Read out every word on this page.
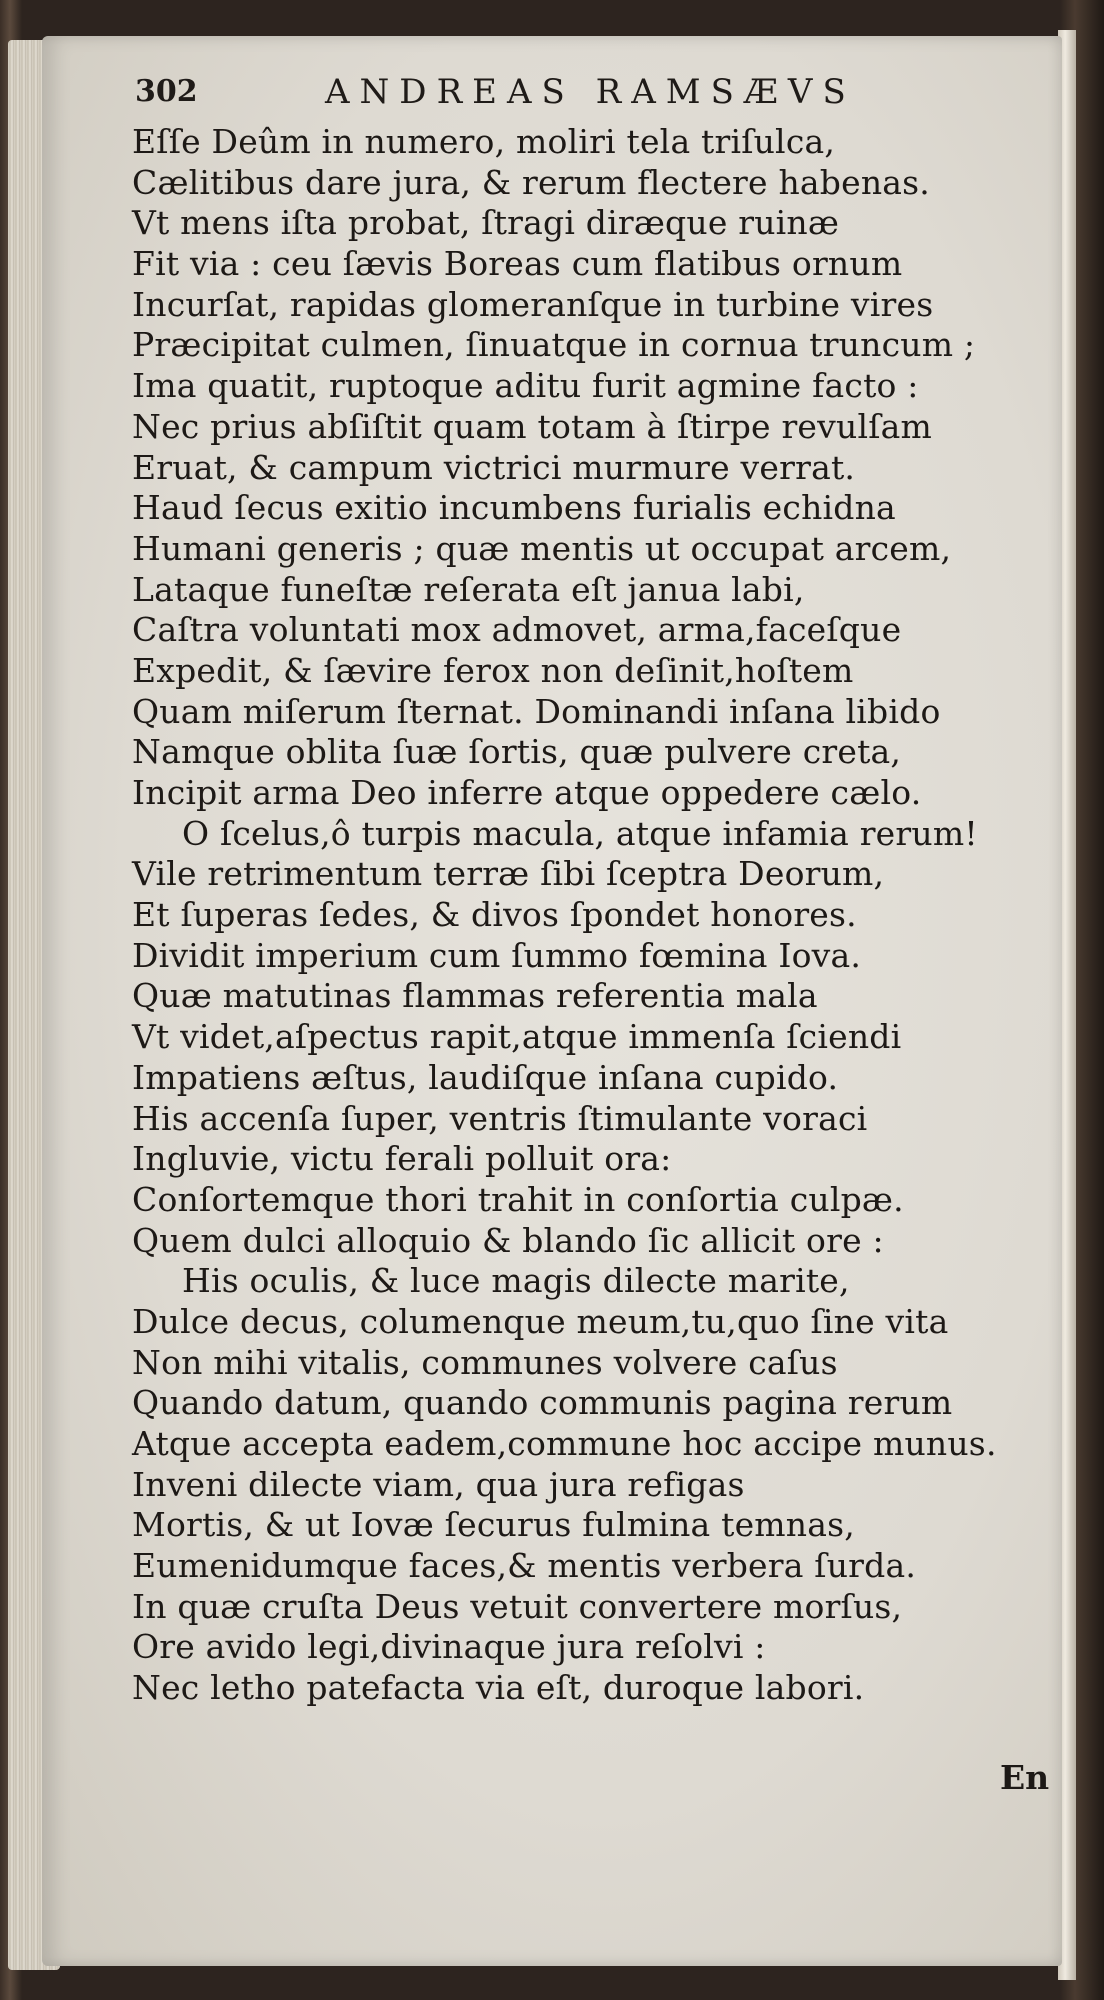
302	ANDREAS RAMSÆVS
Eſſe Deûm in numero, moliri tela triſulca,
Cælitibus dare jura, & rerum flectere habenas.
Vt mens iſta probat, ſtragi diræque ruinæ
Fit via : ceu ſævis Boreas cum flatibus ornum
Incurſat, rapidas glomeranſque in turbine vires
Præcipitat culmen, ſinuatque in cornua truncum ;
Ima quatit, ruptoque aditu furit agmine facto :
Nec prius abſiſtit quam totam à ſtirpe revulſam
Eruat, & campum victrici murmure verrat.
Haud ſecus exitio incumbens furialis echidna
Humani generis ; quæ mentis ut occupat arcem,
Lataque funeſtæ reſerata eſt janua labi,
Caſtra voluntati mox admovet, arma,faceſque
Expedit, & ſævire ferox non deſinit,hoſtem
Quam miſerum ſternat. Dominandi inſana libido
Namque oblita ſuæ ſortis, quæ pulvere creta,
Incipit arma Deo inferre atque oppedere cælo.
O ſcelus,ô turpis macula, atque infamia rerum!
Vile retrimentum terræ ſibi ſceptra Deorum,
Et ſuperas ſedes, & divos ſpondet honores.
Dividit imperium cum ſummo fœmina Iova.
Quæ matutinas flammas referentia mala
Vt videt,aſpectus rapit,atque immenſa ſciendi
Impatiens æſtus, laudiſque inſana cupido.
His accenſa ſuper, ventris ſtimulante voraci
Ingluvie, victu ferali polluit ora:
Conſortemque thori trahit in conſortia culpæ.
Quem dulci alloquio & blando ſic allicit ore :
His oculis, & luce magis dilecte marite,
Dulce decus, columenque meum,tu,quo ſine vita
Non mihi vitalis, communes volvere caſus
Quando datum, quando communis pagina rerum
Atque accepta eadem,commune hoc accipe munus.
Inveni dilecte viam, qua jura refigas
Mortis, & ut Iovæ ſecurus fulmina temnas,
Eumenidumque faces,& mentis verbera ſurda.
In quæ cruſta Deus vetuit convertere morſus,
Ore avido legi,divinaque jura reſolvi :
Nec letho patefacta via eſt, duroque labori.
En
